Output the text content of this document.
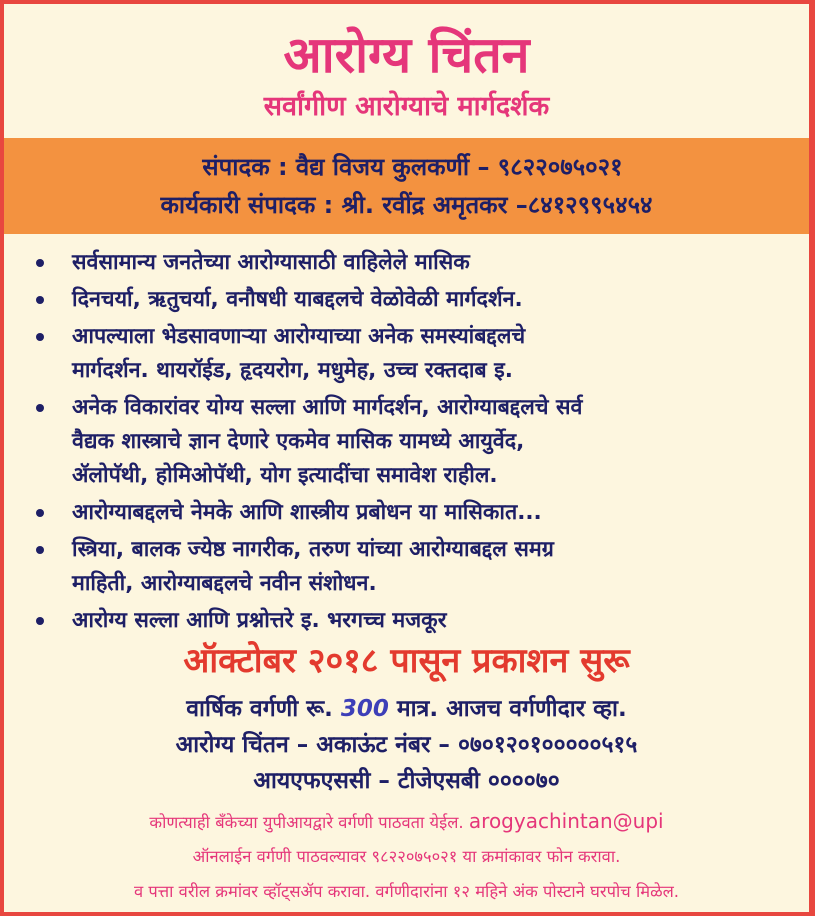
आरोग्य चिंतन
सर्वांगीण आरोग्याचे मार्गदर्शक
संपादक : वैद्य विजय कुलकर्णी – ९८२२०७५०२१
कार्यकारी संपादक : श्री. रवींद्र अमृतकर –८४१२९९५४५४
सर्वसामान्य जनतेच्या आरोग्यासाठी वाहिलेले मासिक
दिनचर्या, ऋतुचर्या, वनौषधी याबद्दलचे वेळोवेळी मार्गदर्शन.
आपल्याला भेडसावणाऱ्या आरोग्याच्या अनेक समस्यांबद्दलचे
मार्गदर्शन. थायरॉईड, हृदयरोग, मधुमेह, उच्च रक्तदाब इ.
अनेक विकारांवर योग्य सल्ला आणि मार्गदर्शन, आरोग्याबद्दलचे सर्व
वैद्यक शास्त्राचे ज्ञान देणारे एकमेव मासिक यामध्ये आयुर्वेद,
ॲलोपॅथी, होमिओपॅथी, योग इत्यादींचा समावेश राहील.
आरोग्याबद्दलचे नेमके आणि शास्त्रीय प्रबोधन या मासिकात...
स्त्रिया, बालक ज्येष्ठ नागरीक, तरुण यांच्या आरोग्याबद्दल समग्र
माहिती, आरोग्याबद्दलचे नवीन संशोधन.
आरोग्य सल्ला आणि प्रश्नोत्तरे इ. भरगच्च मजकूर
ऑक्टोबर २०१८ पासून प्रकाशन सुरू
वार्षिक वर्गणी रू. 300 मात्र. आजच वर्गणीदार व्हा.
आरोग्य चिंतन – अकाऊंट नंबर – ०७०१२०१०००००५१५
आयएफएससी – टीजेएसबी ००००७०
कोणत्याही बँकेच्या युपीआयद्वारे वर्गणी पाठवता येईल. arogyachintan@upi
ऑनलाईन वर्गणी पाठवल्यावर ९८२२०७५०२१ या क्रमांकावर फोन करावा.
व पत्ता वरील क्रमांवर व्हॉट्सॲप करावा. वर्गणीदारांना १२ महिने अंक पोस्टाने घरपोच मिळेल.
